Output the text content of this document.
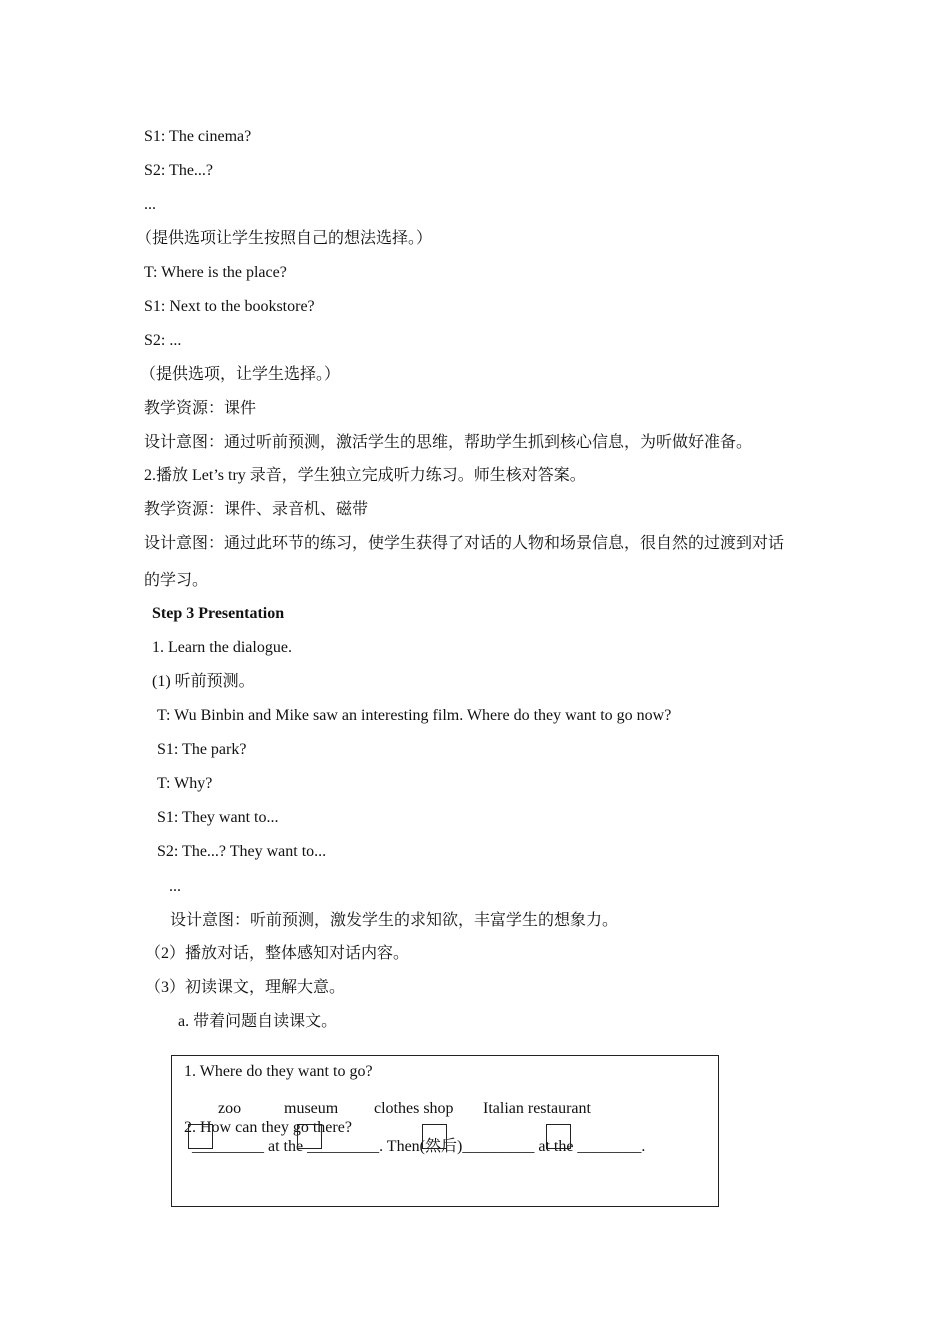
S1: The cinema?
S2: The...?
...
（提供选项让学生按照自己的想法选择。）
T: Where is the place?
S1: Next to the bookstore?
S2: ...
（提供选项，让学生选择。）
教学资源：课件
设计意图：通过听前预测，激活学生的思维，帮助学生抓到核心信息，为听做好准备。
2.播放 Let’s try 录音，学生独立完成听力练习。师生核对答案。
教学资源：课件、录音机、磁带
设计意图：通过此环节的练习，使学生获得了对话的人物和场景信息，很自然的过渡到对话
的学习。
Step 3 Presentation
1. Learn the dialogue.
(1) 听前预测。
T: Wu Binbin and Mike saw an interesting film. Where do they want to go now?
S1: The park?
T: Why?
S1: They want to...
S2: The...? They want to...
...
设计意图：听前预测，激发学生的求知欲，丰富学生的想象力。
（2）播放对话，整体感知对话内容。
（3）初读课文，理解大意。
a. 带着问题自读课文。
1. Where do they want to go?
zoo	museum clothes shop Italian restaurant
2. How can they go there?
_________ at the _________. Then(然后)_________ at the ________.
